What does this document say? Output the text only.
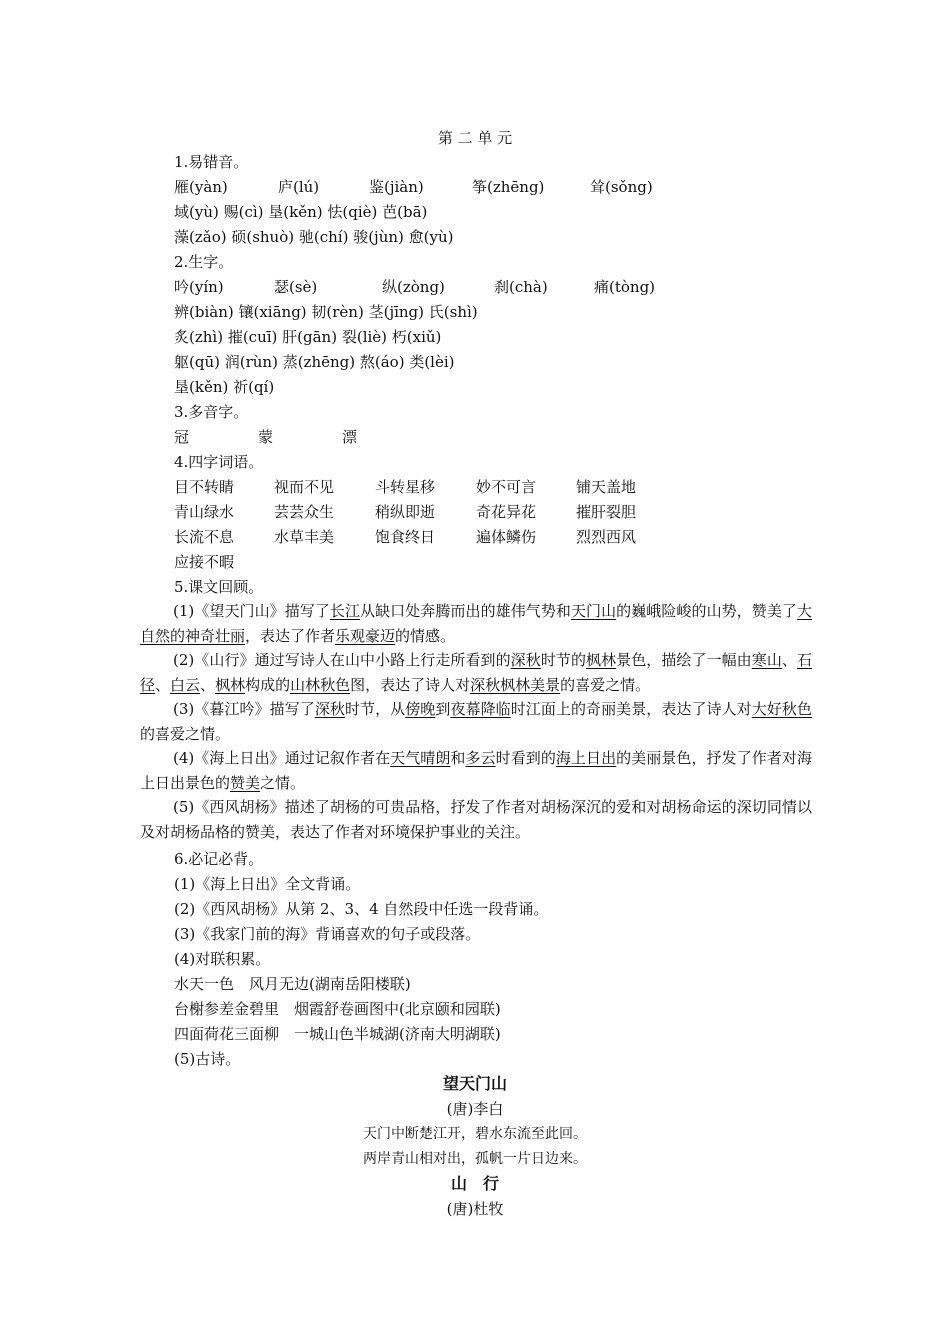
第 二 单 元
1.易错音。
雁(yàn)	庐(lú)	鉴(jiàn)	筝(zhēng)	耸(sǒng)
域(yù) 赐(cì) 垦(kěn) 怯(qiè) 芭(bā)
藻(zǎo) 硕(shuò) 驰(chí) 骏(jùn) 愈(yù)
2.生字。
吟(yín)	瑟(sè)	纵(zòng)	刹(chà)	痛(tòng)
辨(biàn) 镶(xiāng) 韧(rèn) 茎(jīng) 氏(shì)
炙(zhì) 摧(cuī) 肝(gān) 裂(liè) 朽(xiǔ)
躯(qū) 润(rùn) 蒸(zhēng) 熬(áo) 类(lèi)
垦(kěn) 祈(qí)
3.多音字。
冠	蒙	漂
4.四字词语。
目不转睛	视而不见	斗转星移	妙不可言	铺天盖地
青山绿水	芸芸众生	稍纵即逝	奇花异花	摧肝裂胆
长流不息	水草丰美	饱食终日	遍体鳞伤	烈烈西风
应接不暇
5.课文回顾。
(1)《望天门山》描写了长江从缺口处奔腾而出的雄伟气势和天门山的巍峨险峻的山势，赞美了大自然的神奇壮丽，表达了作者乐观豪迈的情感。
(2)《山行》通过写诗人在山中小路上行走所看到的深秋时节的枫林景色，描绘了一幅由寒山、石径、白云、枫林构成的山林秋色图，表达了诗人对深秋枫林美景的喜爱之情。
(3)《暮江吟》描写了深秋时节，从傍晚到夜幕降临时江面上的奇丽美景，表达了诗人对大好秋色的喜爱之情。
(4)《海上日出》通过记叙作者在天气晴朗和多云时看到的海上日出的美丽景色，抒发了作者对海上日出景色的赞美之情。
(5)《西风胡杨》描述了胡杨的可贵品格，抒发了作者对胡杨深沉的爱和对胡杨命运的深切同情以及对胡杨品格的赞美，表达了作者对环境保护事业的关注。
6.必记必背。
(1)《海上日出》全文背诵。
(2)《西风胡杨》从第 2、3、4 自然段中任选一段背诵。
(3)《我家门前的海》背诵喜欢的句子或段落。
(4)对联积累。
水天一色　风月无边(湖南岳阳楼联)
台榭参差金碧里　烟霞舒卷画图中(北京颐和园联)
四面荷花三面柳　一城山色半城湖(济南大明湖联)
(5)古诗。
望天门山
(唐)李白
天门中断楚江开，碧水东流至此回。
两岸青山相对出，孤帆一片日边来。
山　行
(唐)杜牧
